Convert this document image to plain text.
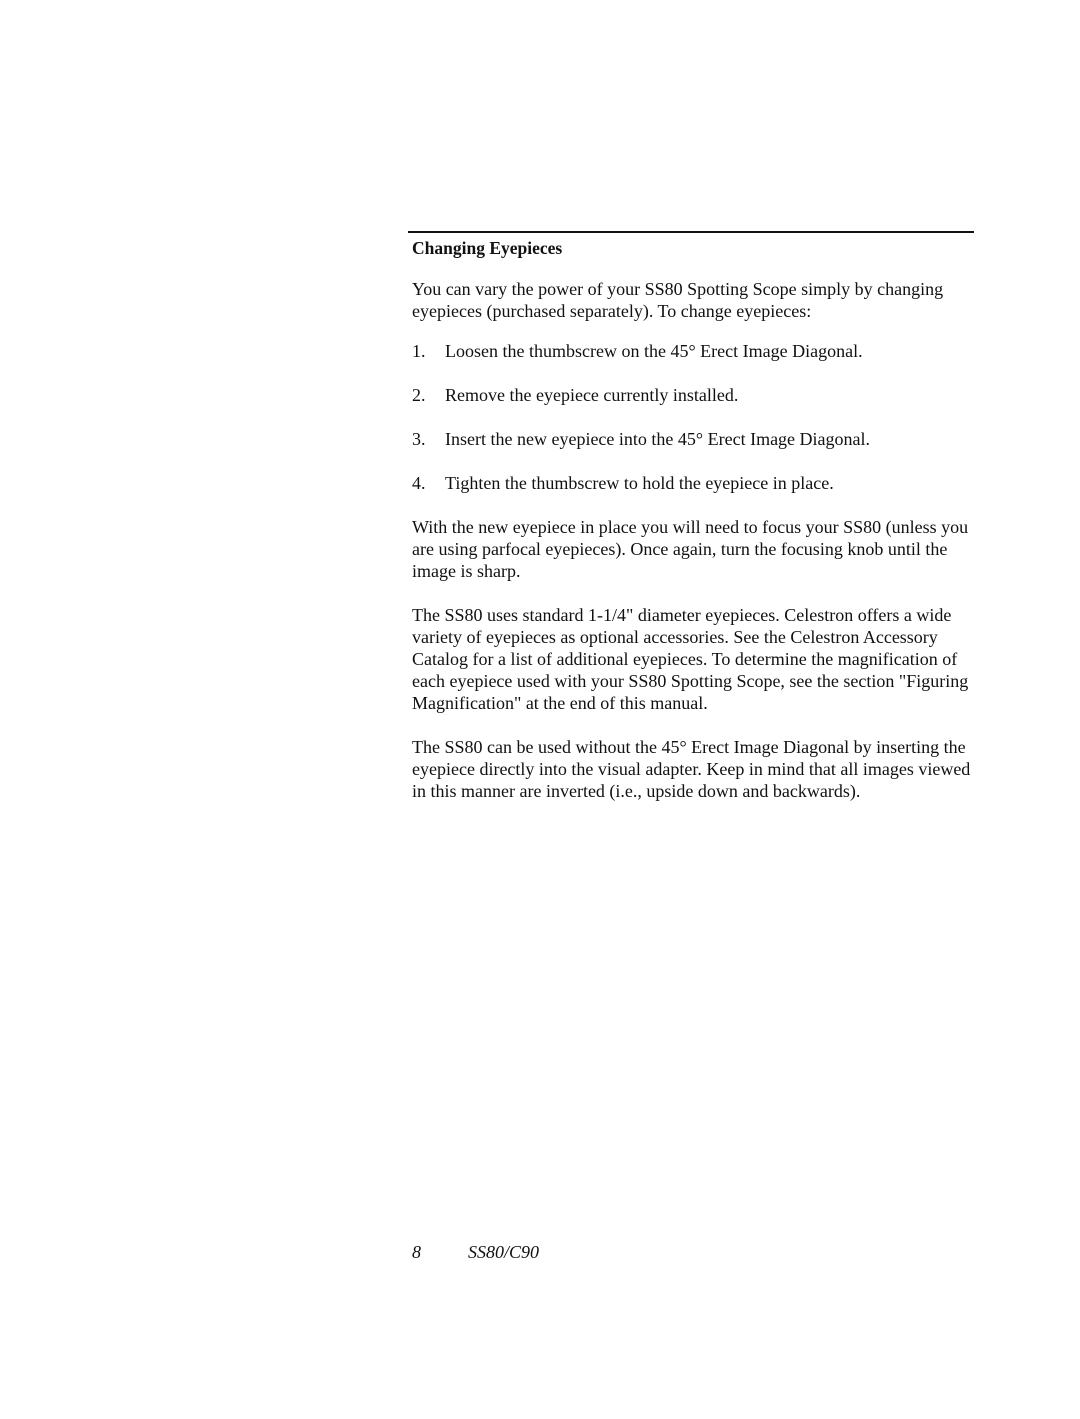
Changing Eyepieces

You can vary the power of your SS80 Spotting Scope simply by changing eyepieces (purchased separately). To change eyepieces:

1.	Loosen the thumbscrew on the 45° Erect Image Diagonal.
2.	Remove the eyepiece currently installed.
3.	Insert the new eyepiece into the 45° Erect Image Diagonal.
4.	Tighten the thumbscrew to hold the eyepiece in place.

With the new eyepiece in place you will need to focus your SS80 (unless you are using parfocal eyepieces). Once again, turn the focusing knob until the image is sharp.

The SS80 uses standard 1-1/4" diameter eyepieces. Celestron offers a wide variety of eyepieces as optional accessories. See the Celestron Accessory Catalog for a list of additional eyepieces. To determine the magnification of each eyepiece used with your SS80 Spotting Scope, see the section "Figuring Magnification" at the end of this manual.

The SS80 can be used without the 45° Erect Image Diagonal by inserting the eyepiece directly into the visual adapter. Keep in mind that all images viewed in this manner are inverted (i.e., upside down and backwards).

8	SS80/C90
